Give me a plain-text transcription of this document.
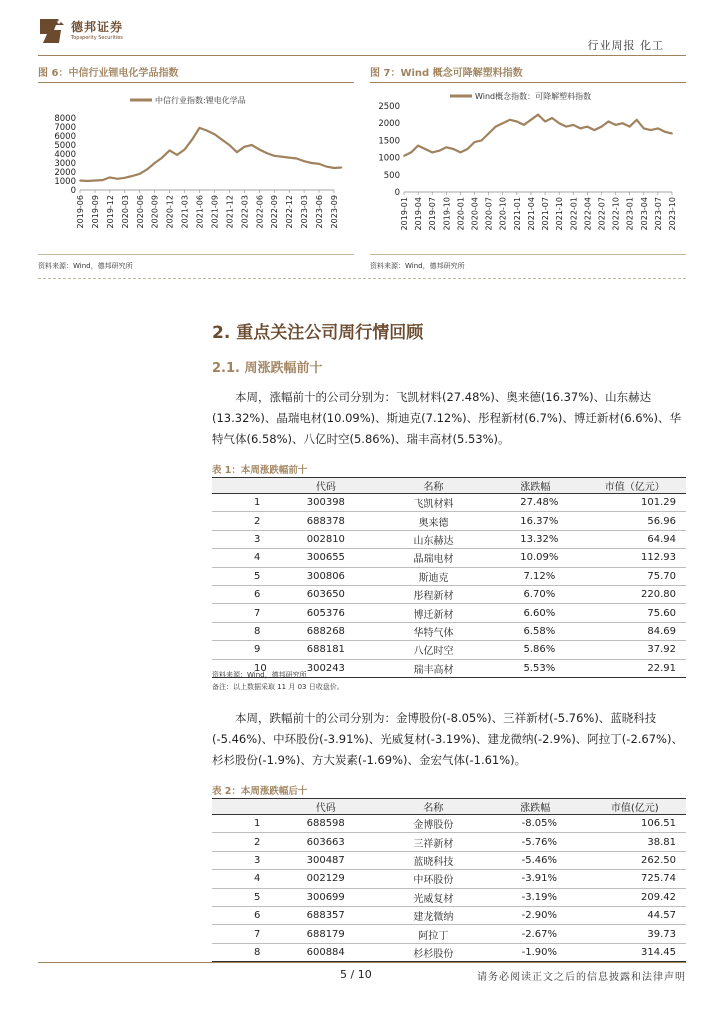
德邦证券
Topsperity Securities
行业周报 化工
图 6：中信行业锂电化学品指数
中信行业指数:锂电化学品
8000
7000
6000
5000
4000
3000
2000
1000
0
2019-06 2019-09 2019-12 2020-03 2020-06 2020-09 2020-12 2021-03 2021-06 2021-09 2021-12 2022-03 2022-06 2022-09 2022-12 2023-03 2023-06 2023-09
资料来源：Wind，德邦研究所
图 7：Wind 概念可降解塑料指数
Wind概念指数：可降解塑料指数
2500
2000
1500
1000
500
0
2019-01 2019-04 2019-07 2019-10 2020-01 2020-04 2020-07 2020-10 2021-01 2021-04 2021-07 2021-10 2022-01 2022-04 2022-07 2022-10 2023-01 2023-04 2023-07 2023-10
资料来源：Wind，德邦研究所
2. 重点关注公司周行情回顾
2.1. 周涨跌幅前十
本周，涨幅前十的公司分别为：飞凯材料(27.48%)、奥来德(16.37%)、山东赫达(13.32%)、晶瑞电材(10.09%)、斯迪克(7.12%)、彤程新材(6.7%)、博迁新材(6.6%)、华特气体(6.58%)、八亿时空(5.86%)、瑞丰高材(5.53%)。
表 1：本周涨跌幅前十
	代码	名称	涨跌幅	市值（亿元）
1	300398	飞凯材料	27.48%	101.29
2	688378	奥来德	16.37%	56.96
3	002810	山东赫达	13.32%	64.94
4	300655	晶瑞电材	10.09%	112.93
5	300806	斯迪克	7.12%	75.70
6	603650	彤程新材	6.70%	220.80
7	605376	博迁新材	6.60%	75.60
8	688268	华特气体	6.58%	84.69
9	688181	八亿时空	5.86%	37.92
10	300243	瑞丰高材	5.53%	22.91
资料来源：Wind，德邦研究所
备注：以上数据采取 11 月 03 日收盘价。
本周，跌幅前十的公司分别为：金博股份(-8.05%)、三祥新材(-5.76%)、蓝晓科技(-5.46%)、中环股份(-3.91%)、光威复材(-3.19%)、建龙微纳(-2.9%)、阿拉丁(-2.67%)、杉杉股份(-1.9%)、方大炭素(-1.69%)、金宏气体(-1.61%)。
表 2：本周涨跌幅后十
	代码	名称	涨跌幅	市值(亿元)
1	688598	金博股份	-8.05%	106.51
2	603663	三祥新材	-5.76%	38.81
3	300487	蓝晓科技	-5.46%	262.50
4	002129	中环股份	-3.91%	725.74
5	300699	光威复材	-3.19%	209.42
6	688357	建龙微纳	-2.90%	44.57
7	688179	阿拉丁	-2.67%	39.73
8	600884	杉杉股份	-1.90%	314.45
5 / 10	请务必阅读正文之后的信息披露和法律声明
